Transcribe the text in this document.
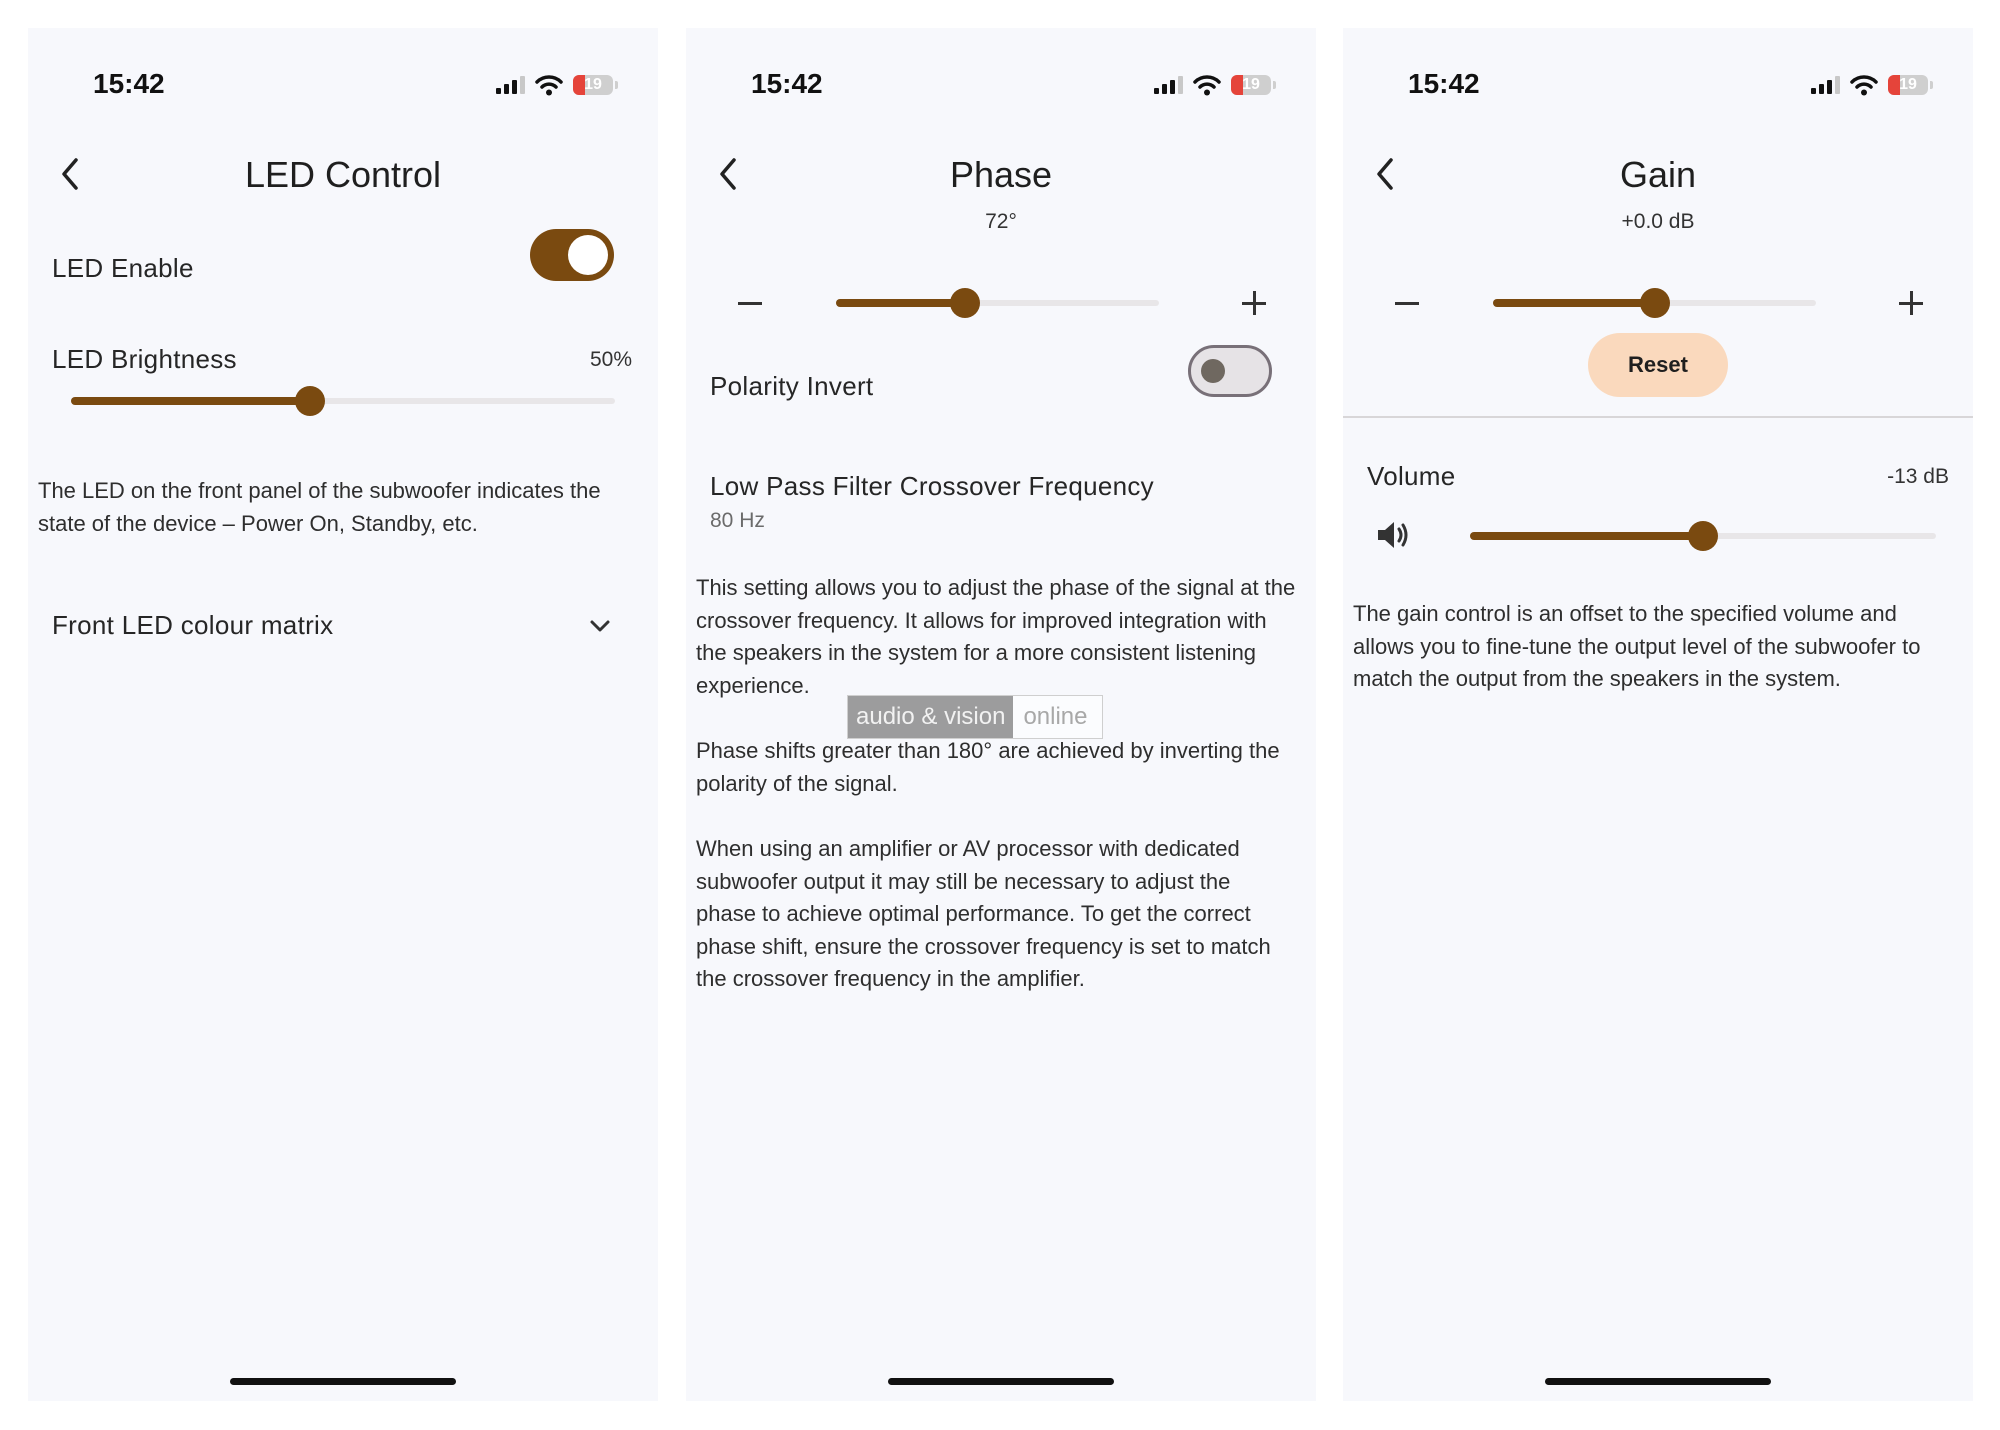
15:42	19
LED Control
LED Enable
LED Brightness	50%
The LED on the front panel of the subwoofer indicates the state of the device – Power On, Standby, etc.
Front LED colour matrix
15:42	19
Phase
72°
Polarity Invert
Low Pass Filter Crossover Frequency
80 Hz
This setting allows you to adjust the phase of the signal at the crossover frequency. It allows for improved integration with the speakers in the system for a more consistent listening experience.
Phase shifts greater than 180° are achieved by inverting the polarity of the signal.
When using an amplifier or AV processor with dedicated subwoofer output it may still be necessary to adjust the phase to achieve optimal performance. To get the correct phase shift, ensure the crossover frequency is set to match the crossover frequency in the amplifier.
15:42	19
Gain
+0.0 dB
Reset
Volume	-13 dB
The gain control is an offset to the specified volume and allows you to fine-tune the output level of the subwoofer to match the output from the speakers in the system.
audio & vision online
